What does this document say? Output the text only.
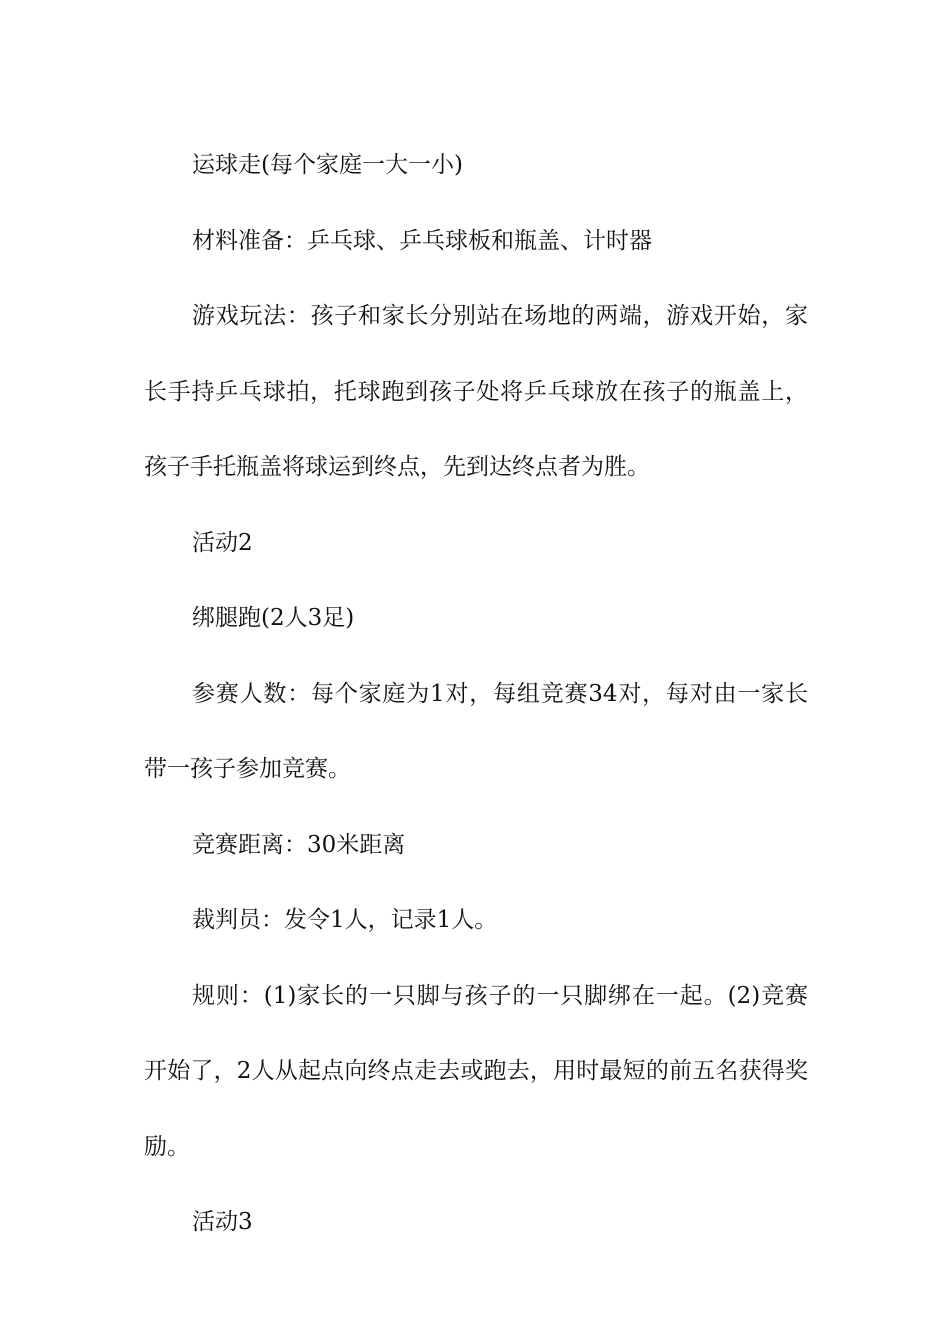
运球走(每个家庭一大一小)

材料准备：乒乓球、乒乓球板和瓶盖、计时器

游戏玩法：孩子和家长分别站在场地的两端，游戏开始，家长手持乒乓球拍，托球跑到孩子处将乒乓球放在孩子的瓶盖上，孩子手托瓶盖将球运到终点，先到达终点者为胜。

活动2

绑腿跑(2人3足)

参赛人数：每个家庭为1对，每组竞赛34对，每对由一家长带一孩子参加竞赛。

竞赛距离：30米距离

裁判员：发令1人，记录1人。

规则：(1)家长的一只脚与孩子的一只脚绑在一起。(2)竞赛开始了，2人从起点向终点走去或跑去，用时最短的前五名获得奖励。

活动3
